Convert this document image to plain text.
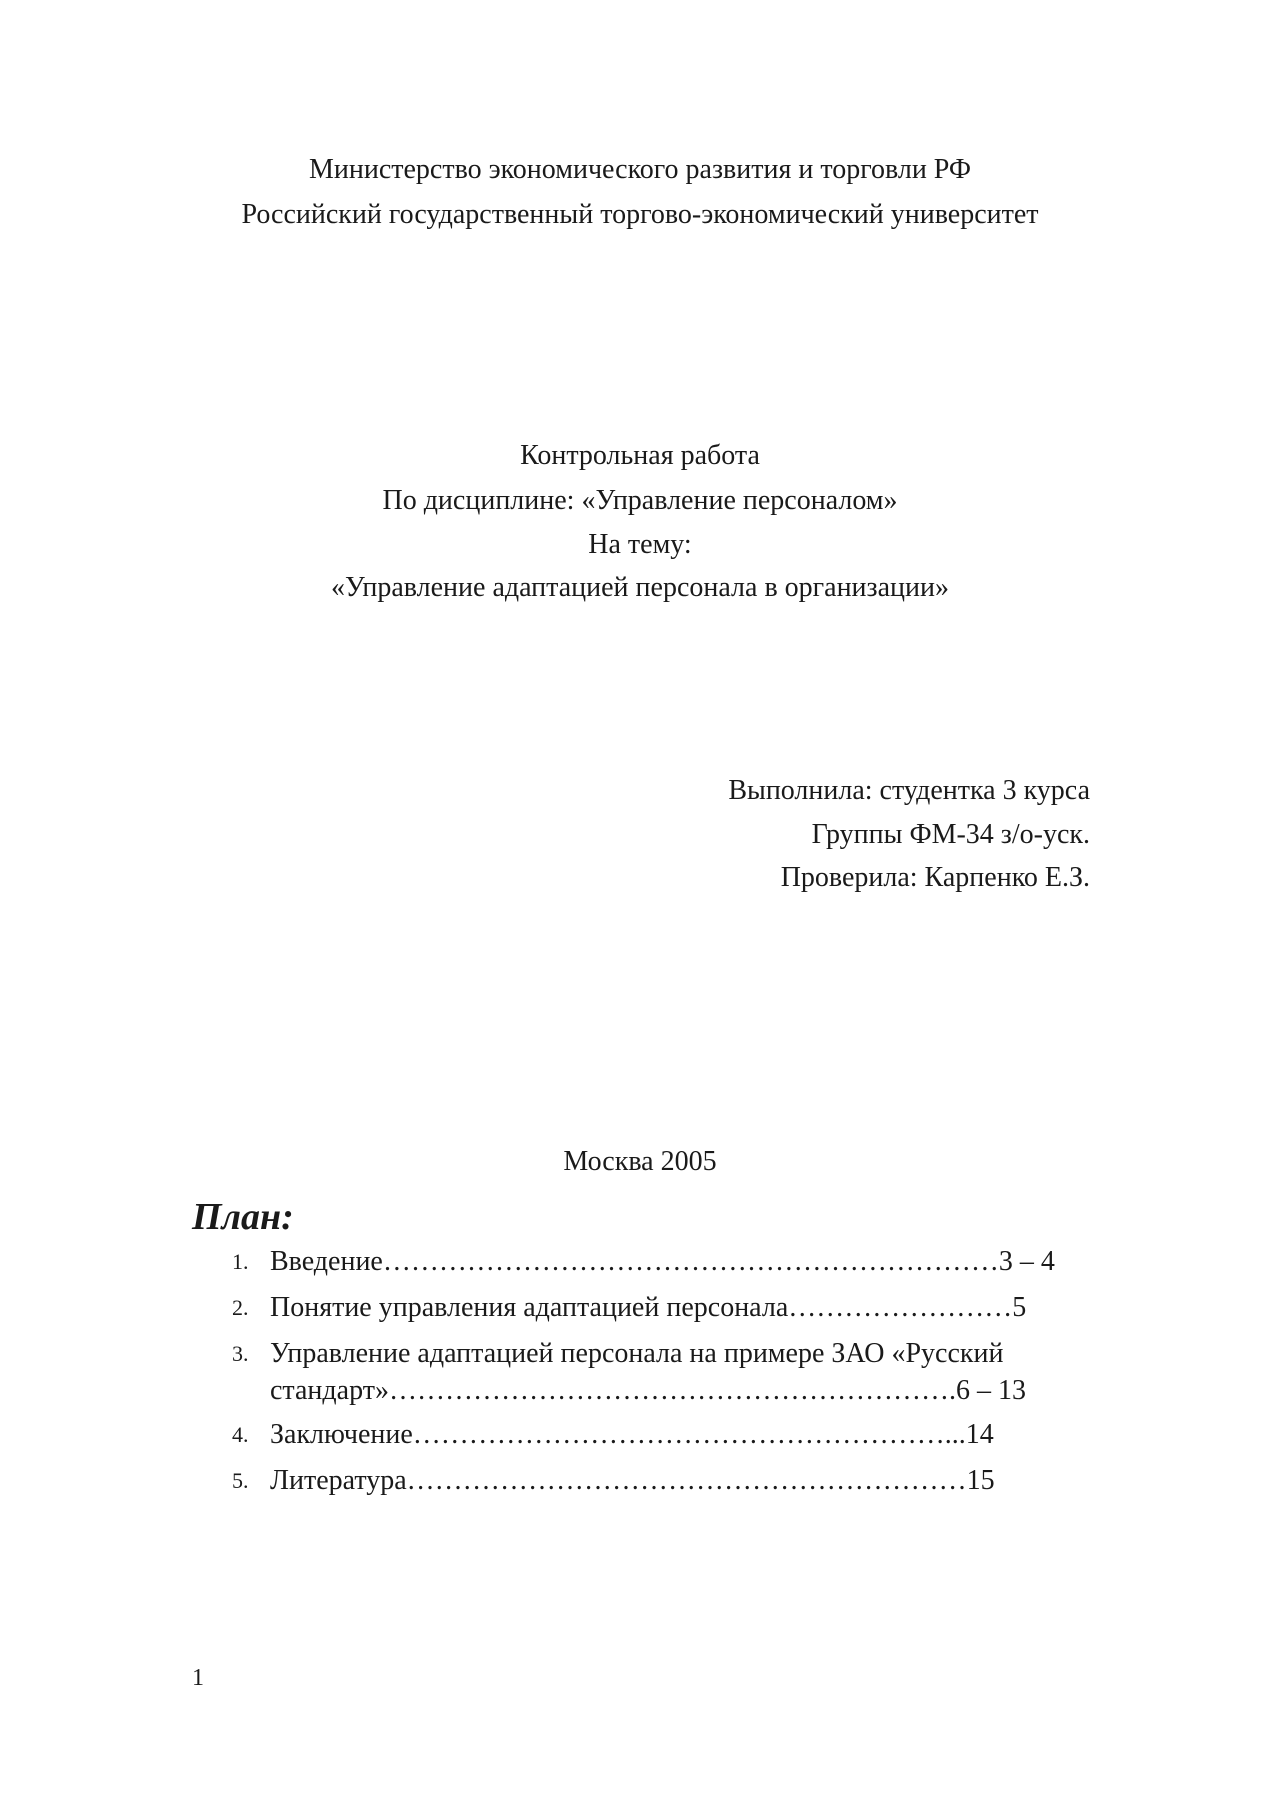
Министерство экономического развития и торговли РФ
Российский государственный торгово-экономический университет
Контрольная работа
По дисциплине: «Управление персоналом»
На тему:
«Управление адаптацией персонала в организации»
Выполнила: студентка 3 курса
Группы ФМ-34 з/о-уск.
Проверила: Карпенко Е.З.
Москва 2005
План:
1. Введение…………………………………………………………3 – 4
2. Понятие управления адаптацией персонала……………………5
3. Управление адаптацией персонала на примере ЗАО «Русский
стандарт»…………………………………………………….6 – 13
4. Заключение…………………………………………………...14
5. Литература……………………………………………………15
1
